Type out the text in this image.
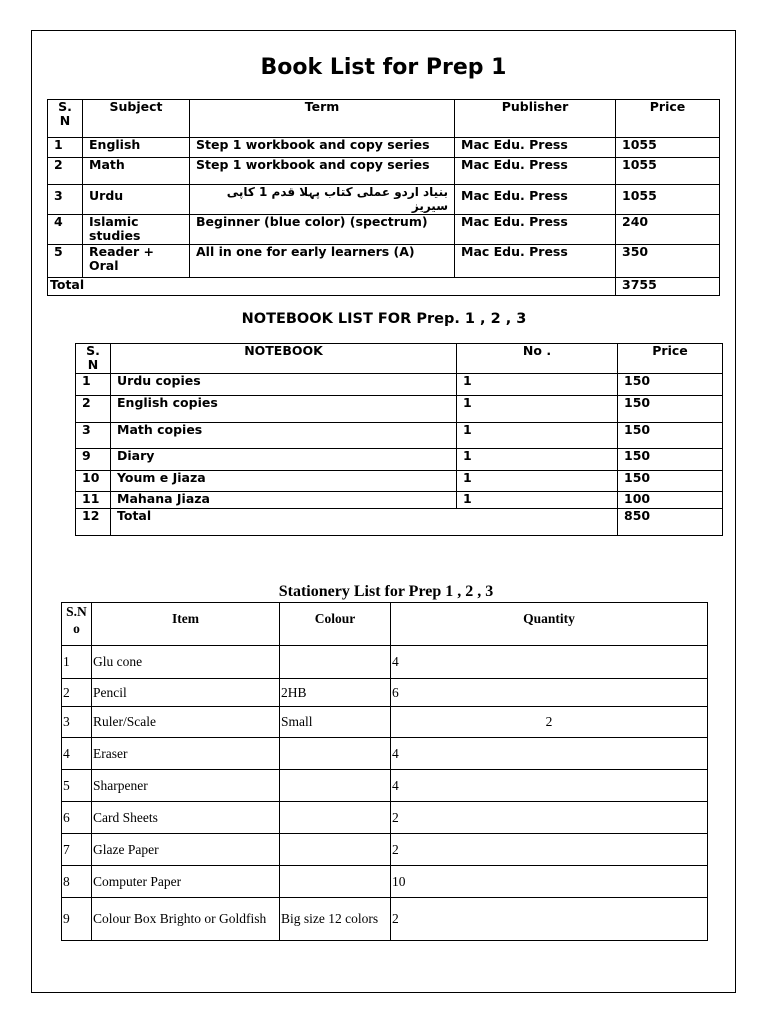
Book List for Prep 1
S. N	Subject	Term	Publisher	Price
1	English	Step 1 workbook and copy series	Mac Edu. Press	1055
2	Math	Step 1 workbook and copy series	Mac Edu. Press	1055
3	Urdu	بنیاد اردو عملی کتاب پہلا قدم 1 کاپی سیریز	Mac Edu. Press	1055
4	Islamic studies	Beginner (blue color) (spectrum)	Mac Edu. Press	240
5	Reader + Oral	All in one for early learners (A)	Mac Edu. Press	350
Total				3755
NOTEBOOK LIST FOR Prep. 1 , 2 , 3
S. N	NOTEBOOK	No .	Price
1	Urdu copies	1	150
2	English copies	1	150
3	Math copies	1	150
9	Diary	1	150
10	Youm e Jiaza	1	150
11	Mahana Jiaza	1	100
12	Total		850
Stationery List for Prep 1 , 2 , 3
S.N o	Item	Colour	Quantity
1	Glu cone		4
2	Pencil	2HB	6
3	Ruler/Scale	Small	2
4	Eraser		4
5	Sharpener		4
6	Card Sheets		2
7	Glaze Paper		2
8	Computer Paper		10
9	Colour Box Brighto or Goldfish	Big size 12 colors	2
